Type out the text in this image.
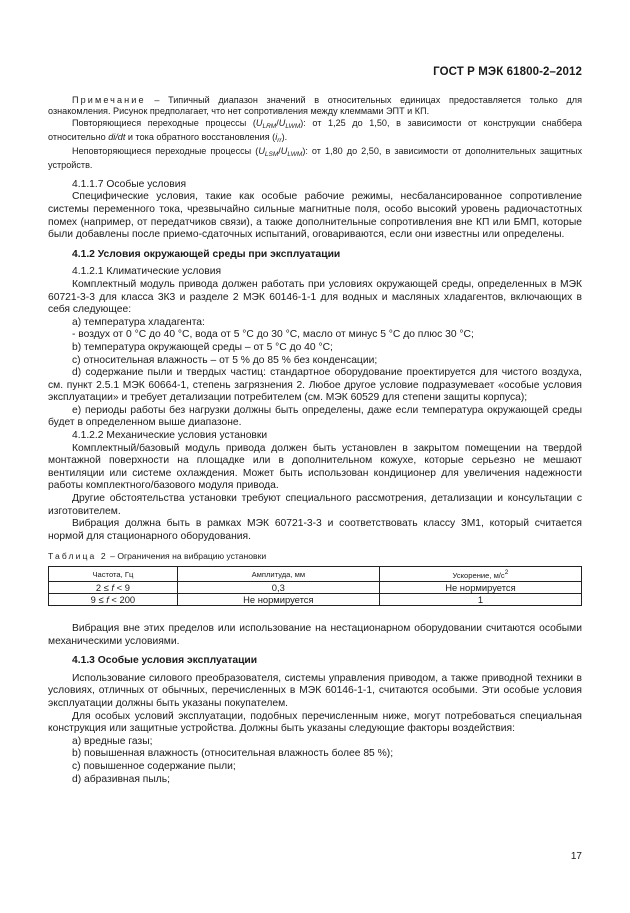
ГОСТ Р МЭК 61800-2–2012

Примечание – Типичный диапазон значений в относительных единицах предоставляется только для ознакомления. Рисунок предполагает, что нет сопротивления между клеммами ЭПТ и КП.

Повторяющиеся переходные процессы $(U_{LRM}/U_{LWM})$: от 1,25 до 1,50, в зависимости от конструкции снаббера относительно di/dt и тока обратного восстановления $(i_{rr})$.

Неповторяющиеся переходные процессы $(U_{LSM}/U_{LWM})$: от 1,80 до 2,50, в зависимости от дополнительных защитных устройств.

4.1.1.7 Особые условия

Специфические условия, такие как особые рабочие режимы, несбалансированное сопротивление системы переменного тока, чрезвычайно сильные магнитные поля, особо высокий уровень радиочастотных помех (например, от передатчиков связи), а также дополнительные сопротивления вне КП или БМП, которые были добавлены после приемо-сдаточных испытаний, оговариваются, если они известны или определены.

4.1.2 Условия окружающей среды при эксплуатации

4.1.2.1 Климатические условия

Комплектный модуль привода должен работать при условиях окружающей среды, определенных в МЭК 60721-3-3 для класса 3К3 и разделе 2 МЭК 60146-1-1 для водных и масляных хладагентов, включающих в себя следующее:

а) температура хладагента:

- воздух от 0 °С до 40 °С, вода от 5 °С до 30 °С, масло от минус 5 °С до плюс 30 °С;

b) температура окружающей среды – от 5 °С до 40 °С;

с) относительная влажность – от 5 % до 85 % без конденсации;

d) содержание пыли и твердых частиц: стандартное оборудование проектируется для чистого воздуха, см. пункт 2.5.1 МЭК 60664-1, степень загрязнения 2. Любое другое условие подразумевает «особые условия эксплуатации» и требует детализации потребителем (см. МЭК 60529 для степени защиты корпуса);

е) периоды работы без нагрузки должны быть определены, даже если температура окружающей среды будет в определенном выше диапазоне.

4.1.2.2 Механические условия установки

Комплектный/базовый модуль привода должен быть установлен в закрытом помещении на твердой монтажной поверхности на площадке или в дополнительном кожухе, которые серьезно не мешают вентиляции или системе охлаждения. Может быть использован кондиционер для увеличения надежности работы комплектного/базового модуля привода.

Другие обстоятельства установки требуют специального рассмотрения, детализации и консультации с изготовителем.

Вибрация должна быть в рамках МЭК 60721-3-3 и соответствовать классу 3М1, который считается нормой для стационарного оборудования.

Таблица 2 – Ограничения на вибрацию установки

Частота, Гц	Амплитуда, мм	Ускорение, $м/с^2$
2 ≤ f < 9	0,3	Не нормируется
9 ≤ f < 200	Не нормируется	1

Вибрация вне этих пределов или использование на нестационарном оборудовании считаются особыми механическими условиями.

4.1.3 Особые условия эксплуатации

Использование силового преобразователя, системы управления приводом, а также приводной техники в условиях, отличных от обычных, перечисленных в МЭК 60146-1-1, считаются особыми. Эти особые условия эксплуатации должны быть указаны покупателем.

Для особых условий эксплуатации, подобных перечисленным ниже, могут потребоваться специальная конструкция или защитные устройства. Должны быть указаны следующие факторы воздействия:

а) вредные газы;

b) повышенная влажность (относительная влажность более 85 %);

с) повышенное содержание пыли;

d) абразивная пыль;

17
